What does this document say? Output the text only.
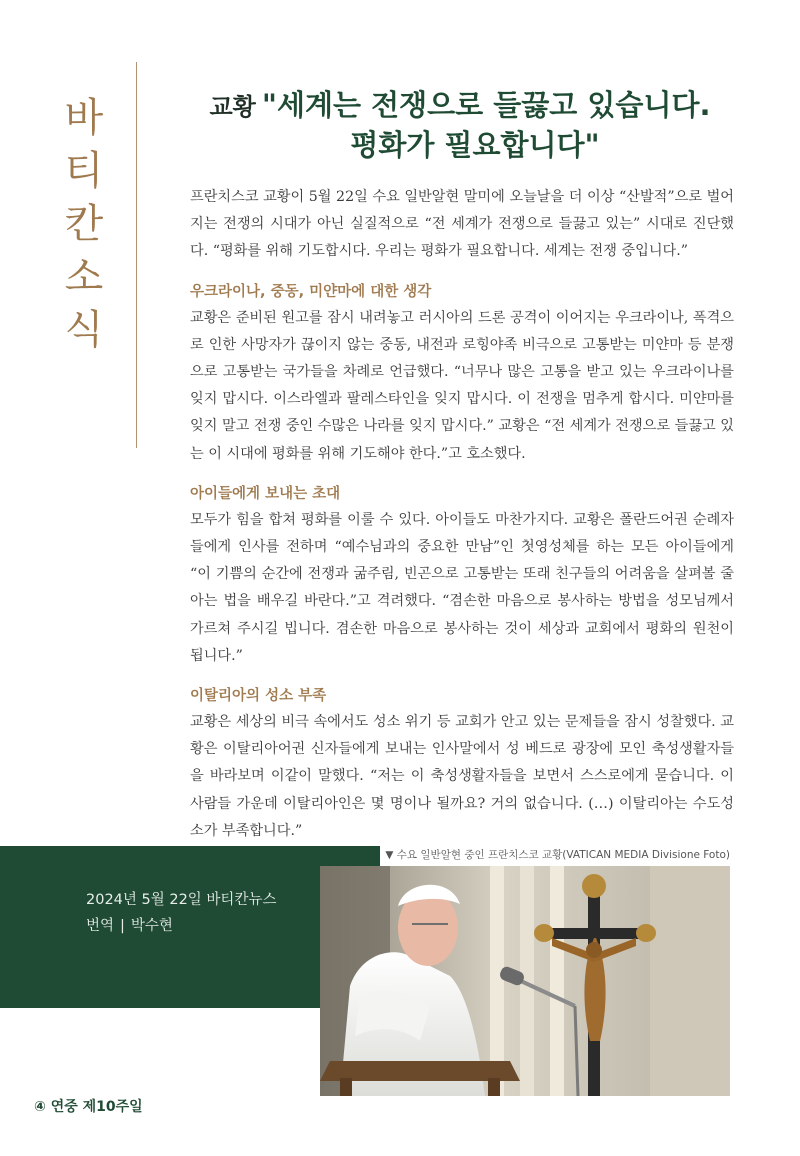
바
티
칸
소
식
교황 "세계는 전쟁으로 들끓고 있습니다.
평화가 필요합니다"

프란치스코 교황이 5월 22일 수요 일반알현 말미에 오늘날을 더 이상 “산발적”으로 벌어지는 전쟁의 시대가 아닌 실질적으로 “전 세계가 전쟁으로 들끓고 있는” 시대로 진단했다. “평화를 위해 기도합시다. 우리는 평화가 필요합니다. 세계는 전쟁 중입니다.”

우크라이나, 중동, 미얀마에 대한 생각

교황은 준비된 원고를 잠시 내려놓고 러시아의 드론 공격이 이어지는 우크라이나, 폭격으로 인한 사망자가 끊이지 않는 중동, 내전과 로힝야족 비극으로 고통받는 미얀마 등 분쟁으로 고통받는 국가들을 차례로 언급했다. “너무나 많은 고통을 받고 있는 우크라이나를 잊지 맙시다. 이스라엘과 팔레스타인을 잊지 맙시다. 이 전쟁을 멈추게 합시다. 미얀마를 잊지 말고 전쟁 중인 수많은 나라를 잊지 맙시다.” 교황은 “전 세계가 전쟁으로 들끓고 있는 이 시대에 평화를 위해 기도해야 한다.”고 호소했다.

아이들에게 보내는 초대

모두가 힘을 합쳐 평화를 이룰 수 있다. 아이들도 마찬가지다. 교황은 폴란드어권 순례자들에게 인사를 전하며 “예수님과의 중요한 만남”인 첫영성체를 하는 모든 아이들에게 “이 기쁨의 순간에 전쟁과 굶주림, 빈곤으로 고통받는 또래 친구들의 어려움을 살펴볼 줄 아는 법을 배우길 바란다.”고 격려했다. “겸손한 마음으로 봉사하는 방법을 성모님께서 가르쳐 주시길 빕니다. 겸손한 마음으로 봉사하는 것이 세상과 교회에서 평화의 원천이 됩니다.”

이탈리아의 성소 부족

교황은 세상의 비극 속에서도 성소 위기 등 교회가 안고 있는 문제들을 잠시 성찰했다. 교황은 이탈리아어권 신자들에게 보내는 인사말에서 성 베드로 광장에 모인 축성생활자들을 바라보며 이같이 말했다. “저는 이 축성생활자들을 보면서 스스로에게 묻습니다. 이 사람들 가운데 이탈리아인은 몇 명이나 될까요? 거의 없습니다. (…) 이탈리아는 수도성소가 부족합니다.”

▼ 수요 일반알현 중인 프란치스코 교황(VATICAN MEDIA Divisione Foto)
2024년 5월 22일 바티칸뉴스
번역 | 박수현
④ 연중 제10주일
